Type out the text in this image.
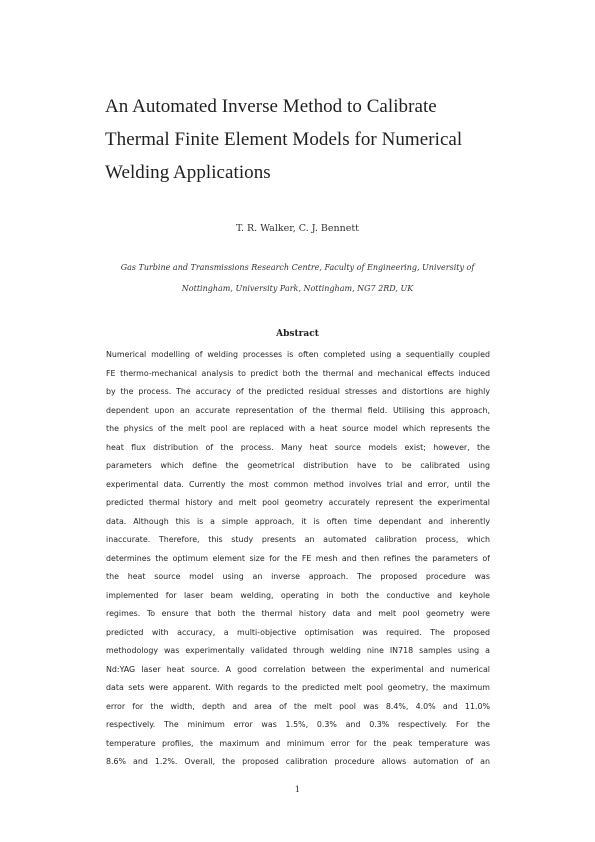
An Automated Inverse Method to Calibrate
Thermal Finite Element Models for Numerical
Welding Applications
T. R. Walker, C. J. Bennett
Gas Turbine and Transmissions Research Centre, Faculty of Engineering, University of
Nottingham, University Park, Nottingham, NG7 2RD, UK
Abstract
Numerical modelling of welding processes is often completed using a sequentially coupled
FE thermo-mechanical analysis to predict both the thermal and mechanical effects induced
by the process. The accuracy of the predicted residual stresses and distortions are highly
dependent upon an accurate representation of the thermal field. Utilising this approach,
the physics of the melt pool are replaced with a heat source model which represents the
heat flux distribution of the process. Many heat source models exist; however, the
parameters which define the geometrical distribution have to be calibrated using
experimental data. Currently the most common method involves trial and error, until the
predicted thermal history and melt pool geometry accurately represent the experimental
data. Although this is a simple approach, it is often time dependant and inherently
inaccurate. Therefore, this study presents an automated calibration process, which
determines the optimum element size for the FE mesh and then refines the parameters of
the heat source model using an inverse approach. The proposed procedure was
implemented for laser beam welding, operating in both the conductive and keyhole
regimes. To ensure that both the thermal history data and melt pool geometry were
predicted with accuracy, a multi-objective optimisation was required. The proposed
methodology was experimentally validated through welding nine IN718 samples using a
Nd:YAG laser heat source. A good correlation between the experimental and numerical
data sets were apparent. With regards to the predicted melt pool geometry, the maximum
error for the width, depth and area of the melt pool was 8.4%, 4.0% and 11.0%
respectively. The minimum error was 1.5%, 0.3% and 0.3% respectively. For the
temperature profiles, the maximum and minimum error for the peak temperature was
8.6% and 1.2%. Overall, the proposed calibration procedure allows automation of an
1
